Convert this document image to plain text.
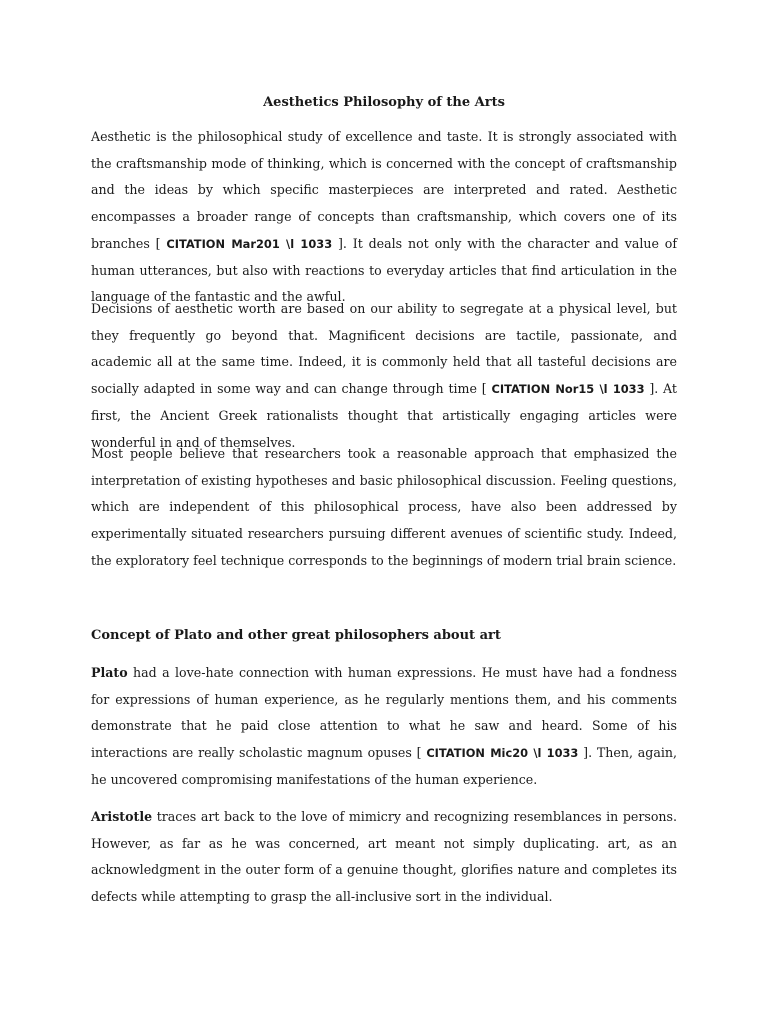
Aesthetics Philosophy of the Arts

Aesthetic is the philosophical study of excellence and taste. It is strongly associated with the craftsmanship mode of thinking, which is concerned with the concept of craftsmanship and the ideas by which specific masterpieces are interpreted and rated. Aesthetic encompasses a broader range of concepts than craftsmanship, which covers one of its branches [ CITATION Mar201 \l 1033 ]. It deals not only with the character and value of human utterances, but also with reactions to everyday articles that find articulation in the language of the fantastic and the awful.

Decisions of aesthetic worth are based on our ability to segregate at a physical level, but they frequently go beyond that. Magnificent decisions are tactile, passionate, and academic all at the same time. Indeed, it is commonly held that all tasteful decisions are socially adapted in some way and can change through time [ CITATION Nor15 \l 1033 ]. At first, the Ancient Greek rationalists thought that artistically engaging articles were wonderful in and of themselves.

Most people believe that researchers took a reasonable approach that emphasized the interpretation of existing hypotheses and basic philosophical discussion. Feeling questions, which are independent of this philosophical process, have also been addressed by experimentally situated researchers pursuing different avenues of scientific study. Indeed, the exploratory feel technique corresponds to the beginnings of modern trial brain science.

Concept of Plato and other great philosophers about art

Plato had a love-hate connection with human expressions. He must have had a fondness for expressions of human experience, as he regularly mentions them, and his comments demonstrate that he paid close attention to what he saw and heard. Some of his interactions are really scholastic magnum opuses [ CITATION Mic20 \l 1033 ]. Then, again, he uncovered compromising manifestations of the human experience.

Aristotle traces art back to the love of mimicry and recognizing resemblances in persons. However, as far as he was concerned, art meant not simply duplicating. art, as an acknowledgment in the outer form of a genuine thought, glorifies nature and completes its defects while attempting to grasp the all-inclusive sort in the individual.
